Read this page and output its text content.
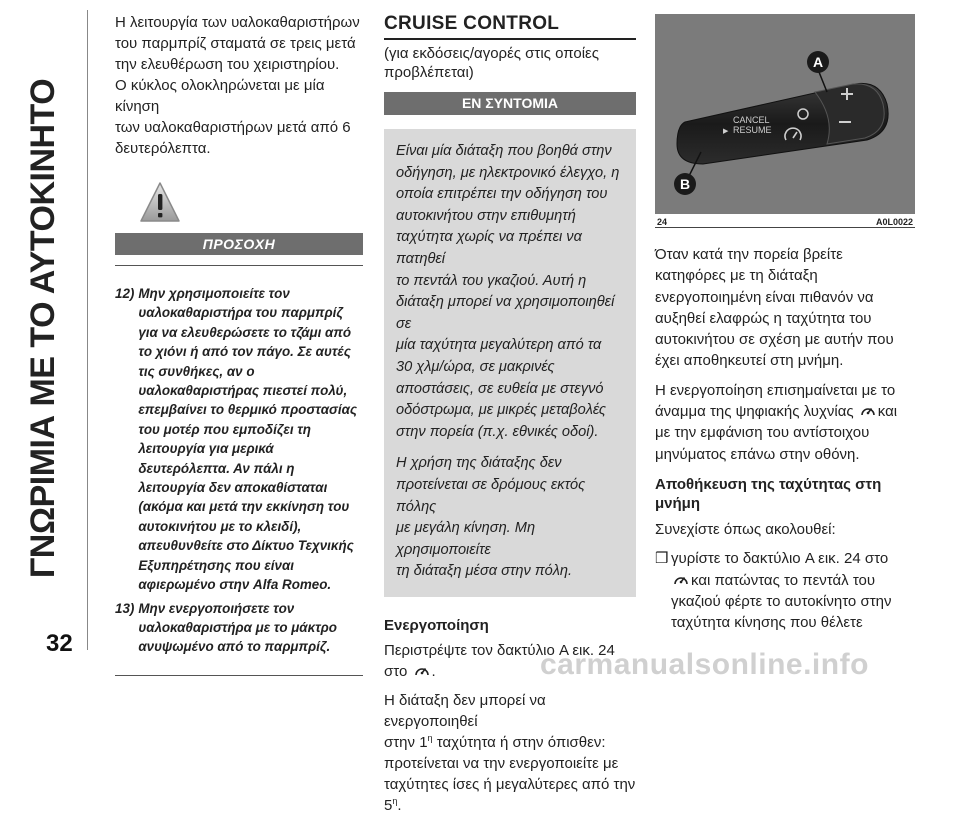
ΓΝΩΡΙΜΙΑ ΜΕ ΤΟ ΑΥΤΟΚΙΝΗΤΟ
32
carmanualsonline.info

Η λειτουργία των υαλοκαθαριστήρων
του παρμπρίζ σταματά σε τρεις μετά
την ελευθέρωση του χειριστηρίου.
Ο κύκλος ολοκληρώνεται με μία κίνηση
των υαλοκαθαριστήρων μετά από 6
δευτερόλεπτα.

ΠΡΟΣΟΧΗ
12) Μην χρησιμοποιείτε τον
υαλοκαθαριστήρα του παρμπρίζ
για να ελευθερώσετε το τζάμι από
το χιόνι ή από τον πάγο. Σε αυτές
τις συνθήκες, αν ο
υαλοκαθαριστήρας πιεστεί πολύ,
επεμβαίνει το θερμικό προστασίας
του μοτέρ που εμποδίζει τη
λειτουργία για μερικά
δευτερόλεπτα. Αν πάλι η
λειτουργία δεν αποκαθίσταται
(ακόμα και μετά την εκκίνηση του
αυτοκινήτου με το κλειδί),
απευθυνθείτε στο Δίκτυο Τεχνικής
Εξυπηρέτησης που είναι
αφιερωμένο στην Alfa Romeo.
13) Μην ενεργοποιήσετε τον
υαλοκαθαριστήρα με το μάκτρο
ανυψωμένο από το παρμπρίζ.
CRUISE CONTROL
(για εκδόσεις/αγορές στις οποίες
προβλέπεται)
ΕΝ ΣΥΝΤΟΜΙΑ

Είναι μία διάταξη που βοηθά στην
οδήγηση, με ηλεκτρονικό έλεγχο, η
οποία επιτρέπει την οδήγηση του
αυτοκινήτου στην επιθυμητή
ταχύτητα χωρίς να πρέπει να πατηθεί
το πεντάλ του γκαζιού. Αυτή η
διάταξη μπορεί να χρησιμοποιηθεί σε
μία ταχύτητα μεγαλύτερη από τα
30 χλμ/ώρα, σε μακρινές
αποστάσεις, σε ευθεία με στεγνό
οδόστρωμα, με μικρές μεταβολές
στην πορεία (π.χ. εθνικές οδοί).

Η χρήση της διάταξης δεν
προτείνεται σε δρόμους εκτός πόλης
με μεγάλη κίνηση. Μη χρησιμοποιείτε
τη διάταξη μέσα στην πόλη.

Ενεργοποίηση

Περιστρέψτε τον δακτύλιο A εικ. 24
στο .

Η διάταξη δεν μπορεί να ενεργοποιηθεί
στην $1^\eta$ ταχύτητα ή στην όπισθεν:
προτείνεται να την ενεργοποιείτε με
ταχύτητες ίσες ή μεγαλύτερες από την
$5^\eta$.

CANCEL
▶ RESUME
A
B
24	A0L0022

Όταν κατά την πορεία βρείτε
κατηφόρες με τη διάταξη
ενεργοποιημένη είναι πιθανόν να
αυξηθεί ελαφρώς η ταχύτητα του
αυτοκινήτου σε σχέση με αυτήν που
έχει αποθηκευτεί στη μνήμη.

Η ενεργοποίηση επισημαίνεται με το
άναμμα της ψηφιακής λυχνίας και
με την εμφάνιση του αντίστοιχου
μηνύματος επάνω στην οθόνη.

Αποθήκευση της ταχύτητας στη
μνήμη

Συνεχίστε όπως ακολουθεί:

❒ γυρίστε το δακτύλιο A εικ. 24 στο
και πατώντας το πεντάλ του
γκαζιού φέρτε το αυτοκίνητο στην
ταχύτητα κίνησης που θέλετε
